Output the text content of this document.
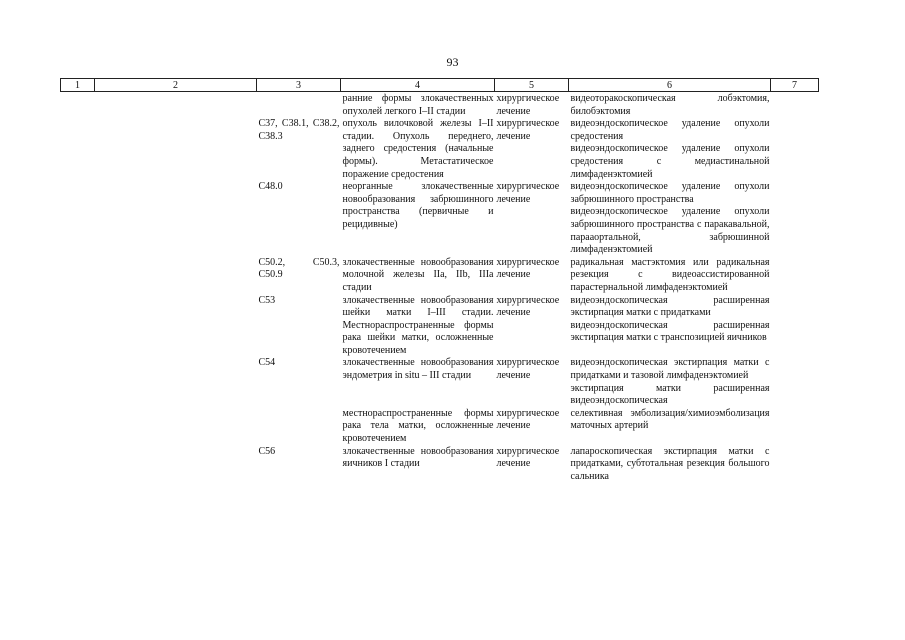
93
1	2	3	4	5	6	7
			ранние формы злокачественных опухолей легкого I–II стадии	хирургическое лечение	видеоторакоскопическая лобэктомия, билобэктомия	

		C37, C38.1, C38.2, C38.3	опухоль вилочковой железы I–II стадии. Опухоль переднего, заднего средостения (начальные формы). Метастатическое поражение средостения	хирургическое лечение	видеоэндоскопическое удаление опухоли средостения
видеоэндоскопическое удаление опухоли средостения с медиастинальной лимфаденэктомией	

		C48.0	неорганные злокачественные новообразования забрюшинного пространства (первичные и рецидивные)	хирургическое лечение	видеоэндоскопическое удаление опухоли забрюшинного пространства
видеоэндоскопическое удаление опухоли забрюшинного пространства с паракавальной, парааортальной, забрюшинной лимфаденэктомией	

		C50.2, C50.3, C50.9	злокачественные новообразования молочной железы IIa, IIb, IIIa стадии	хирургическое лечение	радикальная мастэктомия или радикальная резекция с видеоассистированной парастернальной лимфаденэктомией	

		C53	злокачественные новообразования шейки матки I–III стадии. Местнораспространенные формы рака шейки матки, осложненные кровотечением	хирургическое лечение	видеоэндоскопическая расширенная экстирпация матки с придатками
видеоэндоскопическая расширенная экстирпация матки с транспозицией яичников	

		C54	злокачественные новообразования эндометрия in situ – III стадии	хирургическое лечение	видеоэндоскопическая экстирпация матки с придатками и тазовой лимфаденэктомией
экстирпация матки расширенная видеоэндоскопическая	

			местнораспространенные формы рака тела матки, осложненные кровотечением	хирургическое лечение	селективная эмболизация/химиоэмболизация маточных артерий	

		C56	злокачественные новообразования яичников I стадии	хирургическое лечение	лапароскопическая экстирпация матки с придатками, субтотальная резекция большого сальника	
